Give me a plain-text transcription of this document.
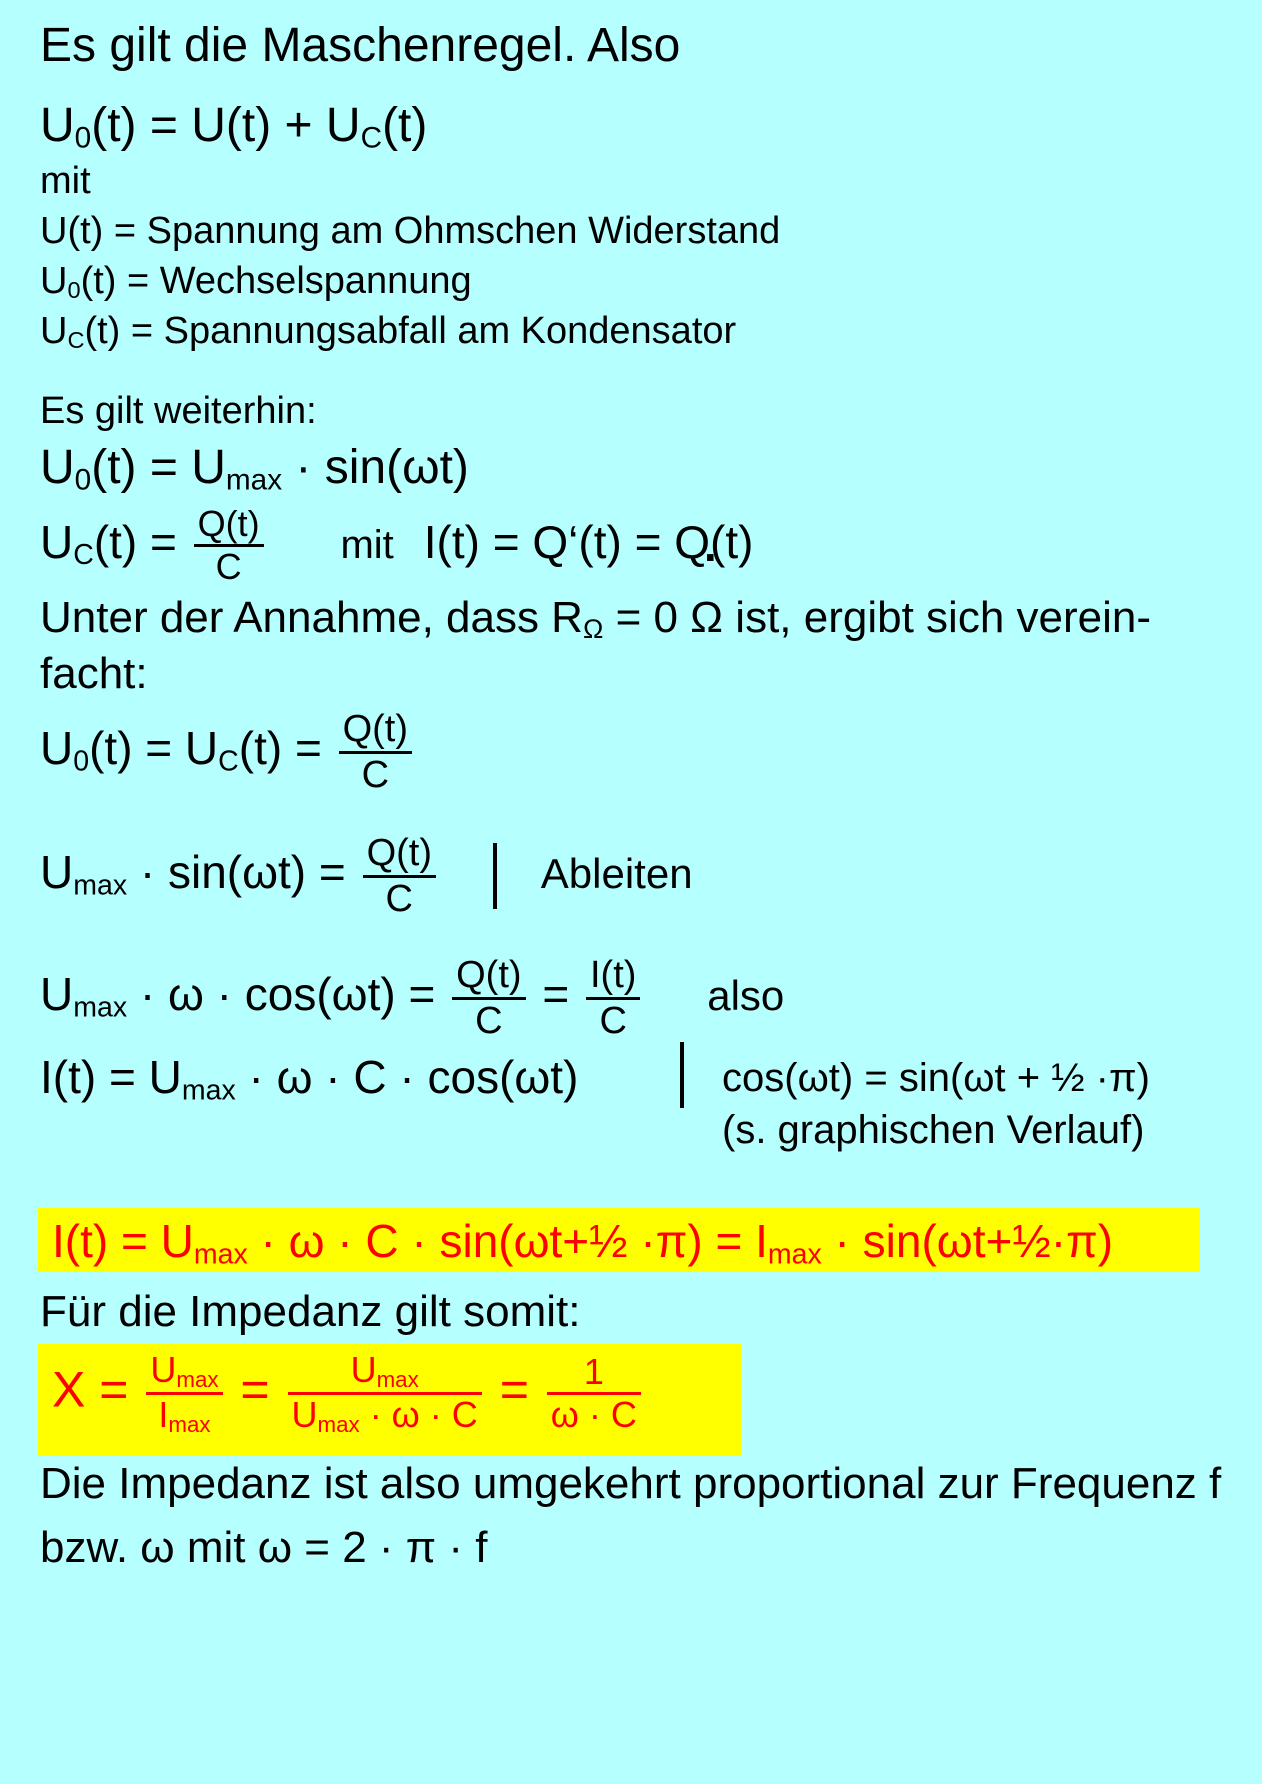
Es gilt die Maschenregel. Also
$U_0(t) = U(t) + U_C(t)$
mit
U(t) = Spannung am Ohmschen Widerstand
$U_0(t)$ = Wechselspannung
$U_C(t)$ = Spannungsabfall am Kondensator
Es gilt weiterhin:
$U_0(t) = U_{max} \cdot \sin(\omega t)$
$U_C(t) = \frac{Q(t)}{C}$ mit I(t) = Q‘(t) = Q(t)
Unter der Annahme, dass $R_\Omega = 0$ Ω ist, ergibt sich verein-
facht:
$U_0(t) = U_C(t) = \frac{Q(t)}{C}$
$U_{max} \cdot \sin(\omega t) = \frac{Q(t)}{C}$ Ableiten
$U_{max} \cdot \omega \cdot \cos(\omega t) = \frac{Q(t)}{C} = \frac{I(t)}{C}$ also
$I(t) = U_{max} \cdot \omega \cdot C \cdot \cos(\omega t)$	cos(ωt) = sin(ωt + ½ ·π)
(s. graphischen Verlauf)
$I(t) = U_{max} \cdot \omega \cdot C$ · sin(ωt+½ $\cdot\pi) = I_{max}$ · sin(ωt+½·π)
Für die Impedanz gilt somit:
$X = \frac{U_{max}}{I_{max}} = \frac{U_{max}}{U_{max} \cdot \omega \cdot C} = \frac{1}{\omega \cdot C}$
Die Impedanz ist also umgekehrt proportional zur Frequenz f
bzw. ω mit ω = 2 · π · f
